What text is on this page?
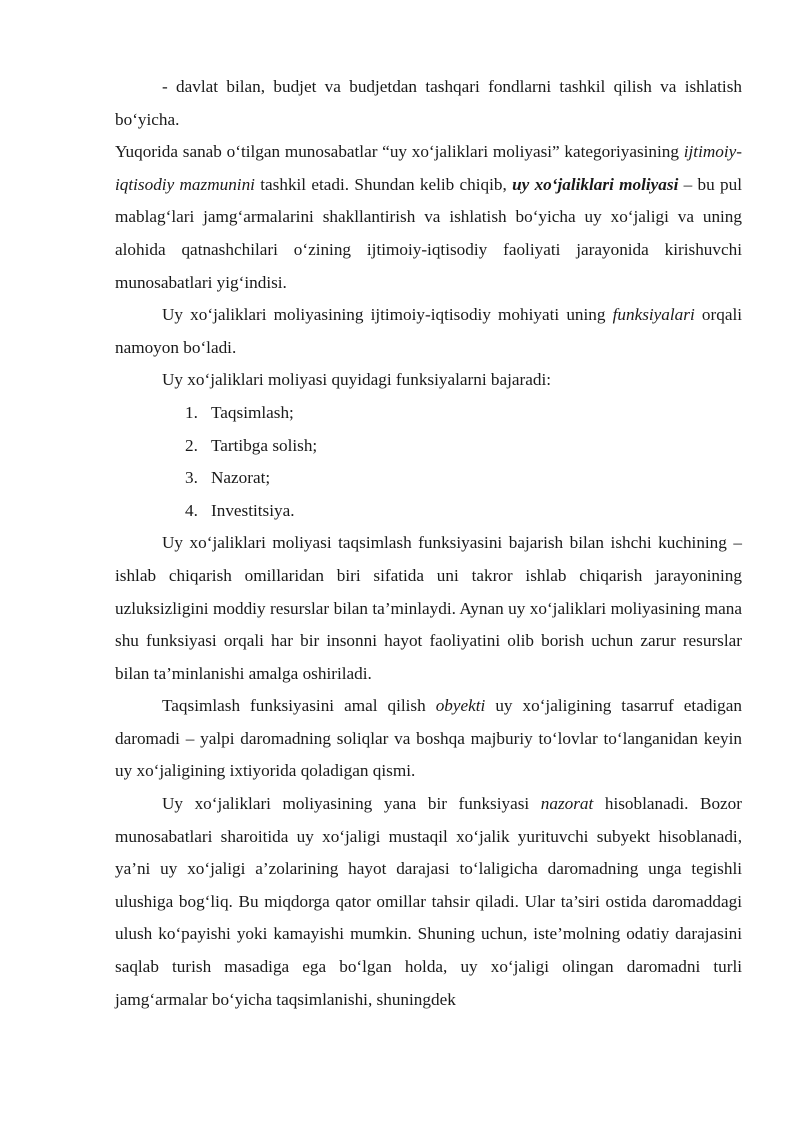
- davlat bilan, budjet va budjetdan tashqari fondlarni tashkil qilish va ishlatish bo‘yicha.

Yuqorida sanab o‘tilgan munosabatlar “uy xo‘jaliklari moliyasi” kategoriyasining ijtimoiy-iqtisodiy mazmunini tashkil etadi. Shundan kelib chiqib, uy xo‘jaliklari moliyasi – bu pul mablag‘lari jamg‘armalarini shakllantirish va ishlatish bo‘yicha uy xo‘jaligi va uning alohida qatnashchilari o‘zining ijtimoiy-iqtisodiy faoliyati jarayonida kirishuvchi munosabatlari yig‘indisi.

Uy xo‘jaliklari moliyasining ijtimoiy-iqtisodiy mohiyati uning funksiyalari orqali namoyon bo‘ladi.

Uy xo‘jaliklari moliyasi quyidagi funksiyalarni bajaradi:

1. Taqsimlash;
2. Tartibga solish;
3. Nazorat;
4. Investitsiya.

Uy xo‘jaliklari moliyasi taqsimlash funksiyasini bajarish bilan ishchi kuchining – ishlab chiqarish omillaridan biri sifatida uni takror ishlab chiqarish jarayonining uzluksizligini moddiy resurslar bilan ta’minlaydi. Aynan uy xo‘jaliklari moliyasining mana shu funksiyasi orqali har bir insonni hayot faoliyatini olib borish uchun zarur resurslar bilan ta’minlanishi amalga oshiriladi.

Taqsimlash funksiyasini amal qilish obyekti uy xo‘jaligining tasarruf etadigan daromadi – yalpi daromadning soliqlar va boshqa majburiy to‘lovlar to‘langanidan keyin uy xo‘jaligining ixtiyorida qoladigan qismi.

Uy xo‘jaliklari moliyasining yana bir funksiyasi nazorat hisoblanadi. Bozor munosabatlari sharoitida uy xo‘jaligi mustaqil xo‘jalik yurituvchi subyekt hisoblanadi, ya’ni uy xo‘jaligi a’zolarining hayot darajasi to‘laligicha daromadning unga tegishli ulushiga bog‘liq. Bu miqdorga qator omillar tahsir qiladi. Ular ta’siri ostida daromaddagi ulush ko‘payishi yoki kamayishi mumkin. Shuning uchun, iste’molning odatiy darajasini saqlab turish masadiga ega bo‘lgan holda, uy xo‘jaligi olingan daromadni turli jamg‘armalar bo‘yicha taqsimlanishi, shuningdek
